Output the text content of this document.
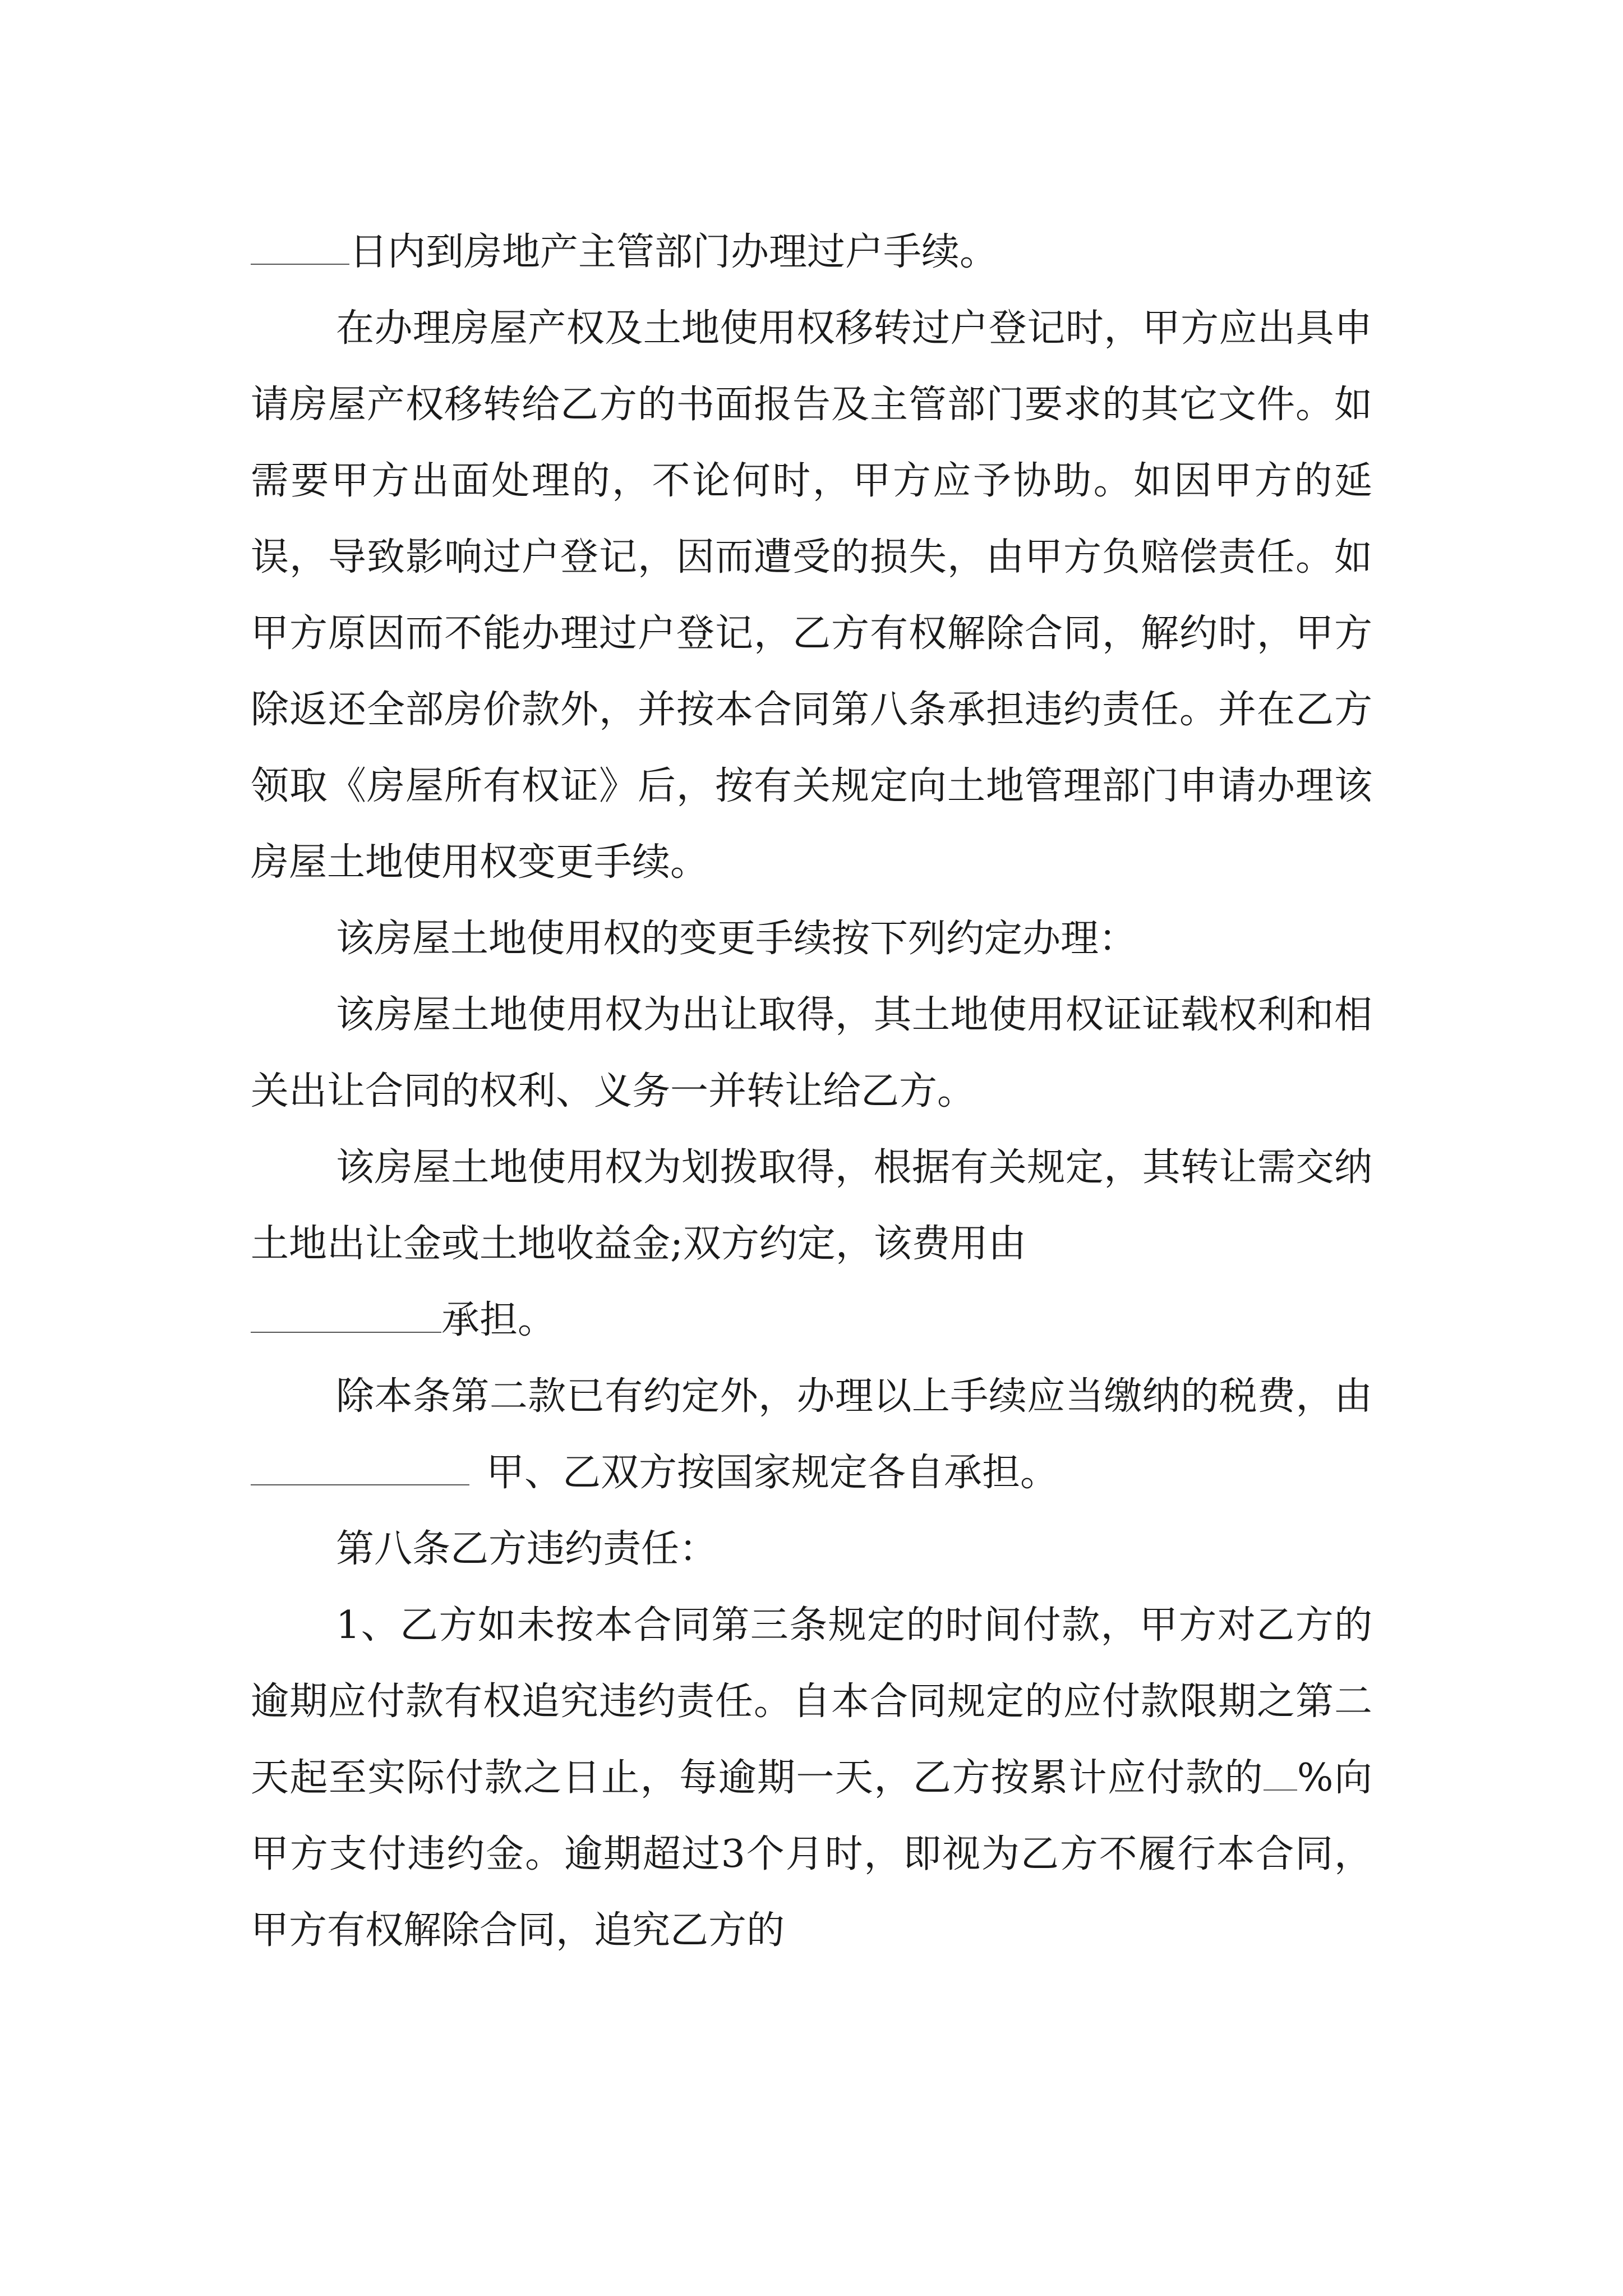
日内到房地产主管部门办理过户手续。

在办理房屋产权及土地使用权移转过户登记时，甲方应出具申请房屋产权移转给乙方的书面报告及主管部门要求的其它文件。如需要甲方出面处理的，不论何时，甲方应予协助。如因甲方的延误，导致影响过户登记，因而遭受的损失，由甲方负赔偿责任。如甲方原因而不能办理过户登记，乙方有权解除合同，解约时，甲方除返还全部房价款外，并按本合同第八条承担违约责任。并在乙方领取《房屋所有权证》后，按有关规定向土地管理部门申请办理该房屋土地使用权变更手续。

该房屋土地使用权的变更手续按下列约定办理：

该房屋土地使用权为出让取得，其土地使用权证证载权利和相关出让合同的权利、义务一并转让给乙方。

该房屋土地使用权为划拨取得，根据有关规定，其转让需交纳土地出让金或土地收益金;双方约定，该费用由
承担。

除本条第二款已有约定外，办理以上手续应当缴纳的税费，由甲、乙双方按国家规定各自承担。

第八条乙方违约责任：

1、乙方如未按本合同第三条规定的时间付款，甲方对乙方的逾期应付款有权追究违约责任。自本合同规定的应付款限期之第二天起至实际付款之日止，每逾期一天，乙方按累计应付款的 %向甲方支付违约金。逾期超过3个月时，即视为乙方不履行本合同，甲方有权解除合同，追究乙方的
